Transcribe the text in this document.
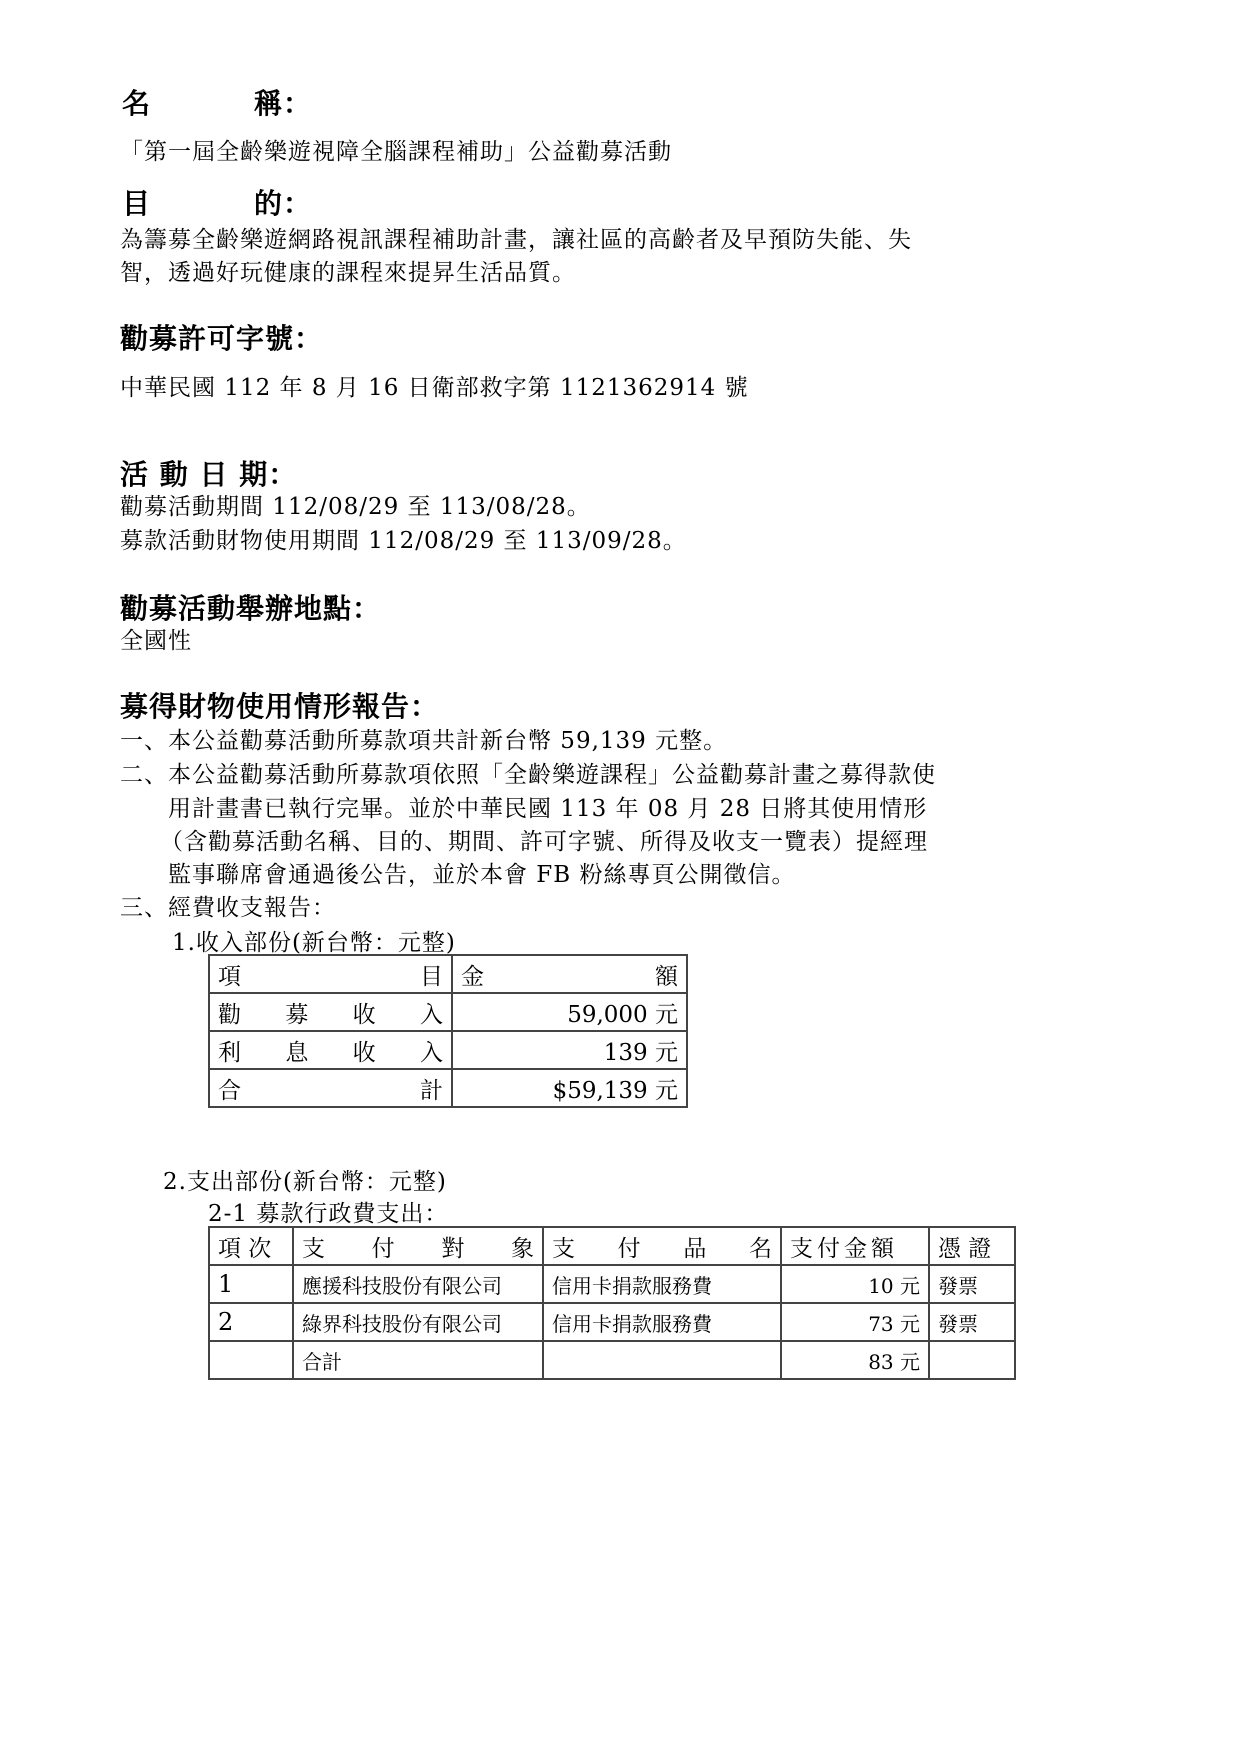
名	稱：
「第一屆全齡樂遊視障全腦課程補助」公益勸募活動
目	的：
為籌募全齡樂遊網路視訊課程補助計畫，讓社區的高齡者及早預防失能、失
智，透過好玩健康的課程來提昇生活品質。
勸募許可字號：
中華民國 112 年 8 月 16 日衛部救字第 1121362914 號
活 動 日 期：
勸募活動期間 112/08/29 至 113/08/28。
募款活動財物使用期間 112/08/29 至 113/09/28。
勸募活動舉辦地點：
全國性
募得財物使用情形報告：
一、本公益勸募活動所募款項共計新台幣 59,139 元整。
二、本公益勸募活動所募款項依照「全齡樂遊課程」公益勸募計畫之募得款使
用計畫書已執行完畢。並於中華民國 113 年 08 月 28 日將其使用情形
（含勸募活動名稱、目的、期間、許可字號、所得及收支一覽表）提經理
監事聯席會通過後公告，並於本會 FB 粉絲專頁公開徵信。
三、經費收支報告：
1.收入部份(新台幣：元整)
項 目	金 額

勸 募 收 入	59,000 元

利 息 收 入	139 元

合 計	$59,139 元
2.支出部份(新台幣：元整)
2-1 募款行政費支出：
項 次	支 付 對 象	支 付 品 名	支付金額	憑 證
1	應援科技股份有限公司	信用卡捐款服務費	10 元	發票
2	綠界科技股份有限公司	信用卡捐款服務費	73 元	發票
	合計		83 元	
